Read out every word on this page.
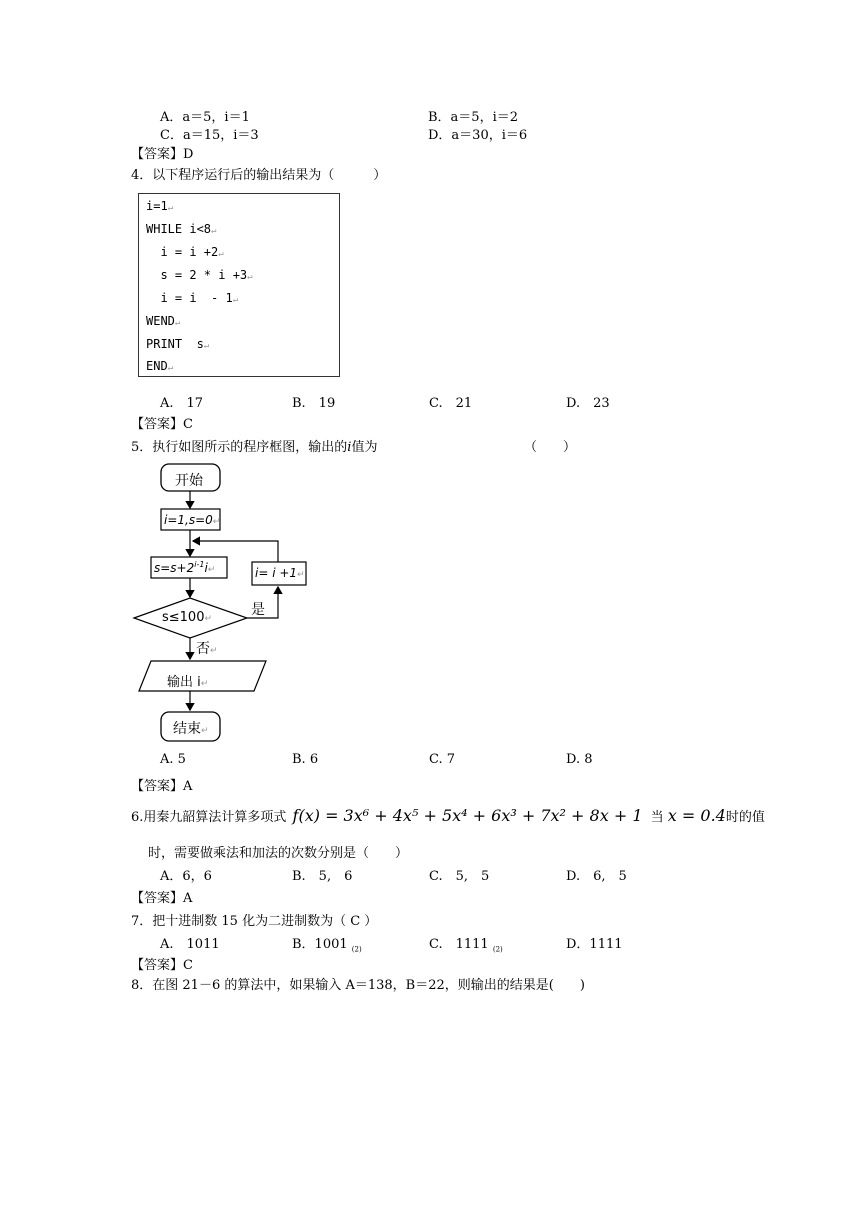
A．a＝5，i＝1	B．a＝5，i＝2
C．a＝15，i＝3	D．a＝30，i＝6
【答案】D
4．以下程序运行后的输出结果为（　　　）
i=1↵
WHILE i<8↵
i = i +2↵
s = 2 * i +3↵
i = i  - 1↵
WEND↵
PRINT  s↵
END↵
A.　17	B.　19	C.　21	D.　23
【答案】C
5．执行如图所示的程序框图，输出的i值为	（　　）
开始
i=1,s=0↵
$s=s+2^{i-1}i↵$	i= i +1↵
s≤100↵
是
否↵
输出 i↵
结束↵
A. 5	B. 6	C. 7	D. 8
【答案】A
6.用秦九韶算法计算多项式 f(x) = 3x⁶ + 4x⁵ + 5x⁴ + 6x³ + 7x² + 8x + 1 当 x = 0.4时的值
时，需要做乘法和加法的次数分别是（　　）
A．6，6	B.　5,　6	C.　5,　5	D.　6,　5
【答案】A
7．把十进制数 15 化为二进制数为（ C ）
A.　1011	B．1001 $_{(2)}$	C.　1111 $_{(2)}$	D．1111
【答案】C
8．在图 21－6 的算法中，如果输入 A＝138，B＝22，则输出的结果是(　　)
